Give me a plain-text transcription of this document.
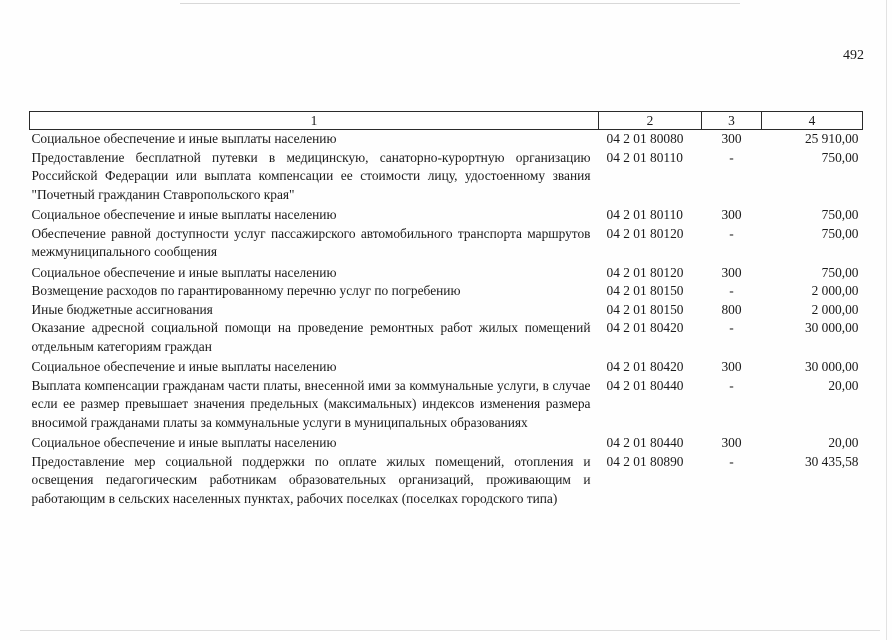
492
1	2	3	4
Социальное обеспечение и иные выплаты населению	04 2 01 80080	300	25 910,00
Предоставление бесплатной путевки в медицинскую, санаторно-курортную организацию Российской Федерации или выплата компенсации ее стоимости лицу, удостоенному звания "Почетный гражданин Ставропольского края"	04 2 01 80110	-	750,00
Социальное обеспечение и иные выплаты населению	04 2 01 80110	300	750,00
Обеспечение равной доступности услуг пассажирского автомобильного транспорта маршрутов межмуниципального сообщения	04 2 01 80120	-	750,00
Социальное обеспечение и иные выплаты населению	04 2 01 80120	300	750,00
Возмещение расходов по гарантированному перечню услуг по погребению	04 2 01 80150	-	2 000,00
Иные бюджетные ассигнования	04 2 01 80150	800	2 000,00
Оказание адресной социальной помощи на проведение ремонтных работ жилых помещений отдельным категориям граждан	04 2 01 80420	-	30 000,00
Социальное обеспечение и иные выплаты населению	04 2 01 80420	300	30 000,00
Выплата компенсации гражданам части платы, внесенной ими за коммунальные услуги, в случае если ее размер превышает значения предельных (максимальных) индексов изменения размера вносимой гражданами платы за коммунальные услуги в муниципальных образованиях	04 2 01 80440	-	20,00
Социальное обеспечение и иные выплаты населению	04 2 01 80440	300	20,00
Предоставление мер социальной поддержки по оплате жилых помещений, отопления и освещения педагогическим работникам образовательных организаций, проживающим и работающим в сельских населенных пунктах, рабочих поселках (поселках городского типа)	04 2 01 80890	-	30 435,58
